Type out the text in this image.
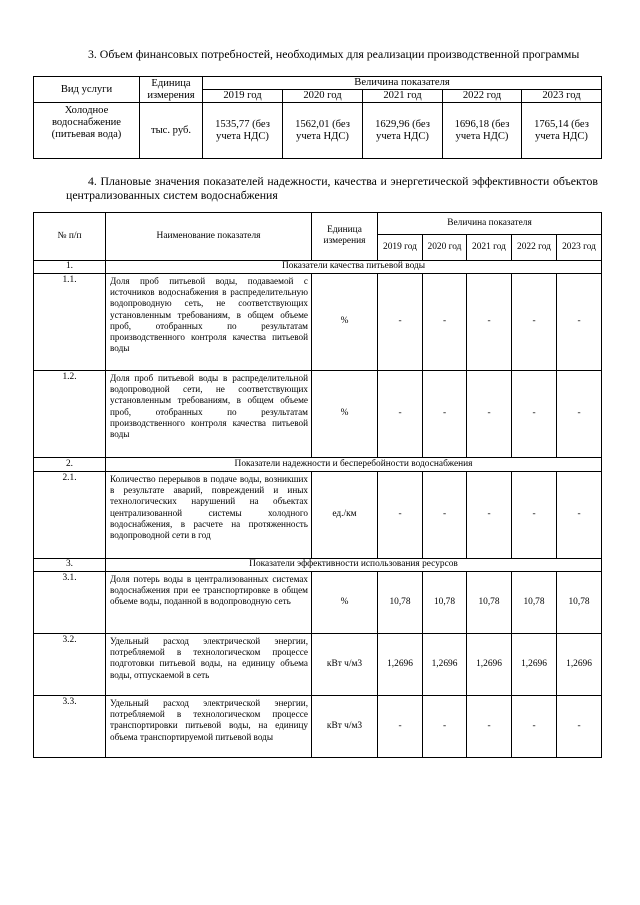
3. Объем финансовых потребностей, необходимых для реализации производственной программы
Вид услуги	Единица измерения	Величина показателя				
		2019 год	2020 год	2021 год	2022 год	2023 год
Холодное водоснабжение (питьевая вода)	тыс. руб.	1535,77 (без учета НДС)	1562,01 (без учета НДС)	1629,96 (без учета НДС)	1696,18 (без учета НДС)	1765,14 (без учета НДС)
4. Плановые значения показателей надежности, качества и энергетической эффективности объектов централизованных систем водоснабжения
№ п/п	Наименование показателя	Единица измерения	Величина показателя				
			2019 год	2020 год	2021 год	2022 год	2023 год
1.	Показатели качества питьевой воды						
1.1.	Доля проб питьевой воды, подаваемой с источников водоснабжения в распределительную водопроводную сеть, не соответствующих установленным требованиям, в общем объеме проб, отобранных по результатам производственного контроля качества питьевой воды	%	-	-	-	-	-
1.2.	Доля проб питьевой воды в распределительной водопроводной сети, не соответствующих установленным требованиям, в общем объеме проб, отобранных по результатам производственного контроля качества питьевой воды	%	-	-	-	-	-
2.	Показатели надежности и бесперебойности водоснабжения						
2.1.	Количество перерывов в подаче воды, возникших в результате аварий, повреждений и иных технологических нарушений на объектах централизованной системы холодного водоснабжения, в расчете на протяженность водопроводной сети в год	ед./км	-	-	-	-	-
3.	Показатели эффективности использования ресурсов						
3.1.	Доля потерь воды в централизованных системах водоснабжения при ее транспортировке в общем объеме воды, поданной в водопроводную сеть	%	10,78	10,78	10,78	10,78	10,78
3.2.	Удельный расход электрической энергии, потребляемой в технологическом процессе подготовки питьевой воды, на единицу объема воды, отпускаемой в сеть	кВт ч/м3	1,2696	1,2696	1,2696	1,2696	1,2696
3.3.	Удельный расход электрической энергии, потребляемой в технологическом процессе транспортировки питьевой воды, на единицу объема транспортируемой питьевой воды	кВт ч/м3	-	-	-	-	-
